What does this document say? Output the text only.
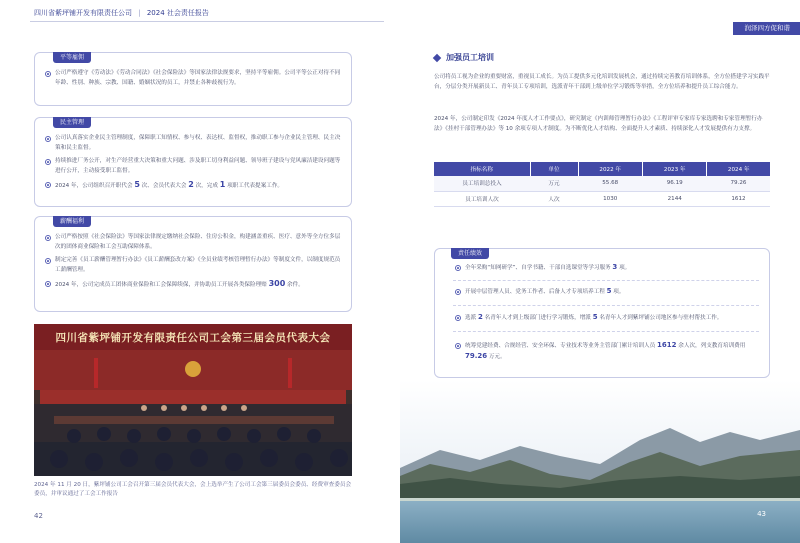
四川省紫坪铺开发有限责任公司 | 2024 社会责任报告
平等雇佣
公司严格遵守《劳动法》《劳动合同法》《社会保险法》等国家法律法规要求，坚持平等雇佣。公司平等公正对待不同年龄、性别、种族、宗教、国籍、婚姻状况的员工，并禁止各种歧视行为。
民主管理
公司认真落实企业民主管理制度，保障职工知情权、参与权、表达权、监督权，推动职工参与企业民主管理、民主决策和民主监督。
持续推进厂务公开，对生产经营重大决策和重大问题、涉及职工切身利益问题、领导班子建设与党风廉洁建设问题等进行公开，主动接受职工监督。
2024 年，公司组织召开职代会 5 次、会员代表大会 2 次，完成 1 项职工代表提案工作。
薪酬福利
公司严格按照《社会保险法》等国家法律规定缴纳社会保险、住房公积金，构建涵盖重疾、医疗、意外等全方位多层次的团体商业保险和工会互助保障体系。
制定完善《员工薪酬管理暂行办法》《员工薪酬套改方案》《全员业绩考核管理暂行办法》等制度文件，以制度规范员工薪酬管理。
2024 年，公司完成员工团体商业保险和工会保障续保，并协助员工开展各类保险理赔 300 余件。
四川省紫坪铺开发有限责任公司工会第三届会员代表大会
2024 年 11 月 20 日，紫坪铺公司工会召开第三届会员代表大会，会上选举产生了公司工会第三届委员会委员、经费审查委员会委员，并审议通过了工会工作报告
42
润泽四方促和谐
加强员工培训
公司将员工视为企业的重要财富，重视员工成长。为员工提供多元化培训发展机会，通过持续完善教育培训体系，全方位搭建学习实践平台，分层分类开展新员工、青年员工专项培训，选派青年干部到上级单位学习锻炼等举措，全方位培养和提升员工综合能力。
2024 年，公司制定印发《2024 年度人才工作要点》，研究制定《内训师管理暂行办法》《工程评审专家库专家选聘和专家管理暂行办法》《挂村干部管理办法》等 10 余项专项人才制度。为不断优化人才结构、全面提升人才素质、持续深化人才发展提供有力支撑。
指标名称	单位	2022 年	2023 年	2024 年
员工培训总投入	万元	55.68	96.19	79.26
员工培训人次	人次	1030	2144	1612
责任绩效
全年采购“知网研学”、自学书籍、干部自选课堂等学习服务 3 项。
开展中层管理人员、党务工作者、后备人才专项培养工程 5 项。
选派 2 名青年人才到上级部门进行学习锻炼，增派 5 名青年人才到紫坪铺公司地区参与驻村帮扶工作。
统筹党建经费、合规经营、安全环保、专业技术等业务主管部门累计培训人员 1612 余人次，列支教育培训费用 79.26 万元。
43
